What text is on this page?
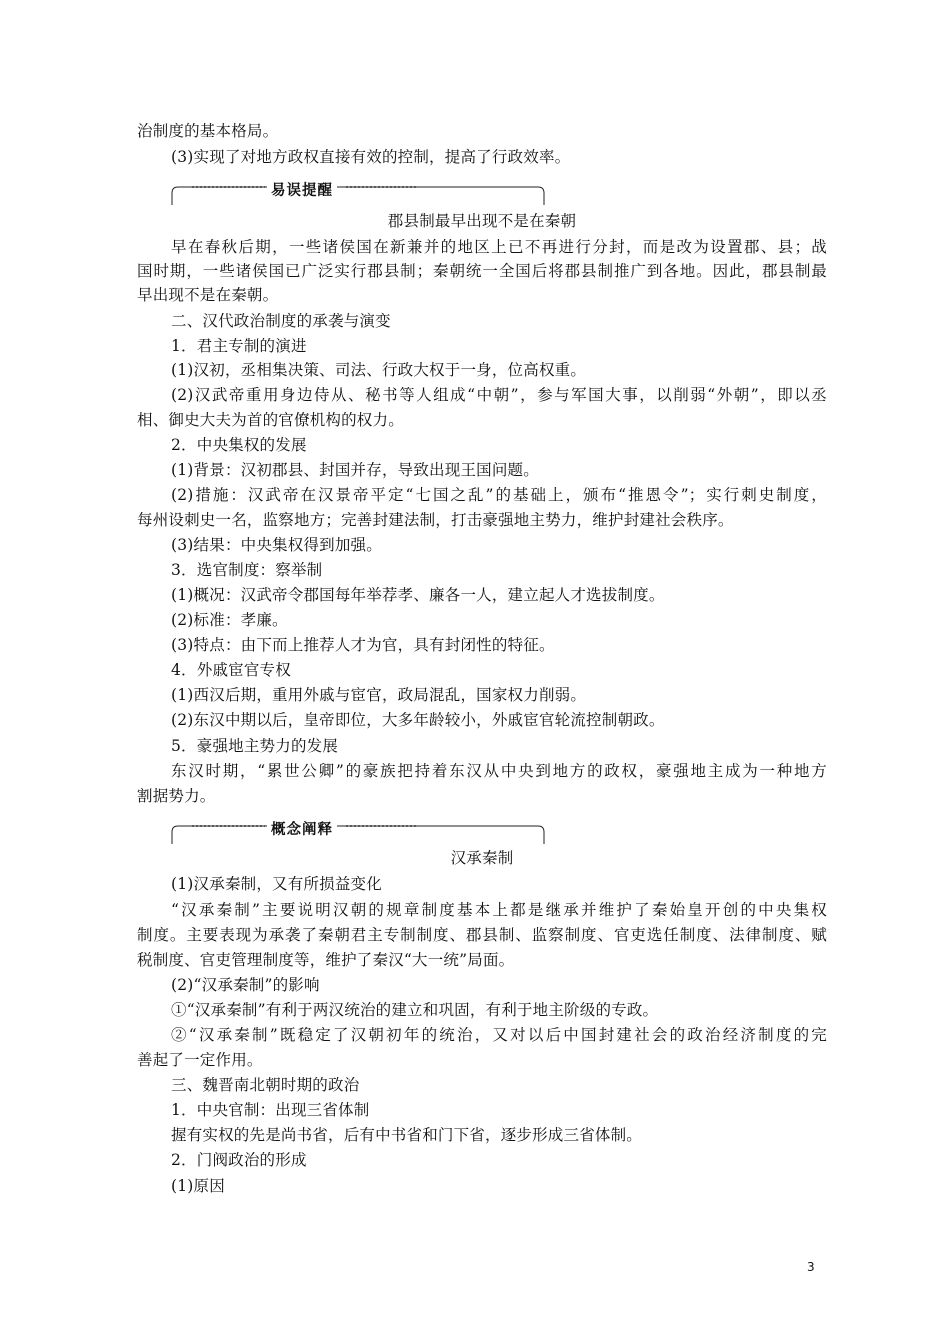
治制度的基本格局。
(3)实现了对地方政权直接有效的控制，提高了行政效率。
易误提醒
郡县制最早出现不是在秦朝
早在春秋后期，一些诸侯国在新兼并的地区上已不再进行分封，而是改为设置郡、县；战
国时期，一些诸侯国已广泛实行郡县制；秦朝统一全国后将郡县制推广到各地。因此，郡县制最
早出现不是在秦朝。
二、汉代政治制度的承袭与演变
1．君主专制的演进
(1)汉初，丞相集决策、司法、行政大权于一身，位高权重。
(2)汉武帝重用身边侍从、秘书等人组成“中朝”，参与军国大事，以削弱“外朝”，即以丞
相、御史大夫为首的官僚机构的权力。
2．中央集权的发展
(1)背景：汉初郡县、封国并存，导致出现王国问题。
(2)措施：汉武帝在汉景帝平定“七国之乱”的基础上，颁布“推恩令”；实行刺史制度，
每州设刺史一名，监察地方；完善封建法制，打击豪强地主势力，维护封建社会秩序。
(3)结果：中央集权得到加强。
3．选官制度：察举制
(1)概况：汉武帝令郡国每年举荐孝、廉各一人，建立起人才选拔制度。
(2)标准：孝廉。
(3)特点：由下而上推荐人才为官，具有封闭性的特征。
4．外戚宦官专权
(1)西汉后期，重用外戚与宦官，政局混乱，国家权力削弱。
(2)东汉中期以后，皇帝即位，大多年龄较小，外戚宦官轮流控制朝政。
5．豪强地主势力的发展
东汉时期，“累世公卿”的豪族把持着东汉从中央到地方的政权，豪强地主成为一种地方
割据势力。
概念阐释
汉承秦制
(1)汉承秦制，又有所损益变化
“汉承秦制”主要说明汉朝的规章制度基本上都是继承并维护了秦始皇开创的中央集权
制度。主要表现为承袭了秦朝君主专制制度、郡县制、监察制度、官吏选任制度、法律制度、赋
税制度、官吏管理制度等，维护了秦汉“大一统”局面。
(2)“汉承秦制”的影响
①“汉承秦制”有利于两汉统治的建立和巩固，有利于地主阶级的专政。
②“汉承秦制”既稳定了汉朝初年的统治，又对以后中国封建社会的政治经济制度的完
善起了一定作用。
三、魏晋南北朝时期的政治
1．中央官制：出现三省体制
握有实权的先是尚书省，后有中书省和门下省，逐步形成三省体制。
2．门阀政治的形成
(1)原因
3
